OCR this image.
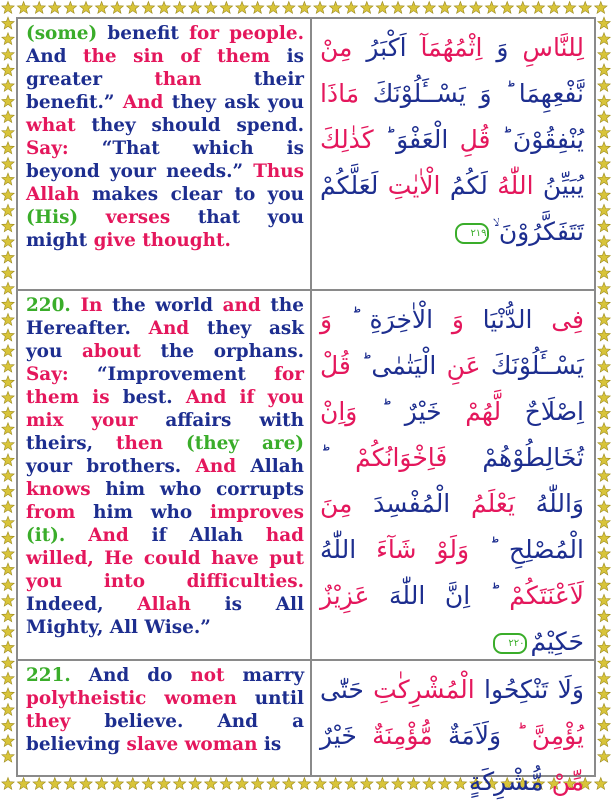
(some) benefit for people. And the sin of them is greater than their benefit.” And they ask you what they should spend. Say: “That which is beyond your needs.” Thus Allah makes clear to you (His) verses that you might give thought.
لِلنَّاسِ وَ اِثْمُهُمَآ اَكْبَرُ مِنْ نَّفْعِهِمَا ؕ وَ يَسْــَٔلُوْنَكَ مَاذَا يُنْفِقُوْنَ ؕ قُلِ الْعَفْوَ ؕ كَذٰلِكَ يُبَيِّنُ اللّٰهُ لَكُمُ الْاٰيٰتِ لَعَلَّكُمْ تَتَفَكَّرُوْنَ ۙ٢١٩
220. In the world and the Hereafter. And they ask you about the orphans. Say: “Improvement for them is best. And if you mix your affairs with theirs, then (they are) your brothers. And Allah knows him who corrupts from him who improves (it). And if Allah had willed, He could have put you into difficulties. Indeed, Allah is All Mighty, All Wise.”
فِى الدُّنْيَا وَ الْاٰخِرَةِ ؕ وَ يَسْــَٔلُوْنَكَ عَنِ الْيَتٰمٰى ؕ قُلْ اِصْلَاحٌ لَّهُمْ خَيْرٌ ؕ وَاِنْ تُخَالِطُوْهُمْ فَاِخْوَانُكُمْ ؕ وَاللّٰهُ يَعْلَمُ الْمُفْسِدَ مِنَ الْمُصْلِحِ ؕ وَلَوْ شَآءَ اللّٰهُ لَاَعْنَتَكُمْ ؕ اِنَّ اللّٰهَ عَزِيْزٌ حَكِيْمٌ٢٢٠
221. And do not marry polytheistic women until they believe. And a believing slave woman is
وَلَا تَنْكِحُوا الْمُشْرِكٰتِ حَتّٰى يُؤْمِنَّ ؕ وَلَاَمَةٌ مُّؤْمِنَةٌ خَيْرٌ مِّنْ مُّشْرِكَةٍ
